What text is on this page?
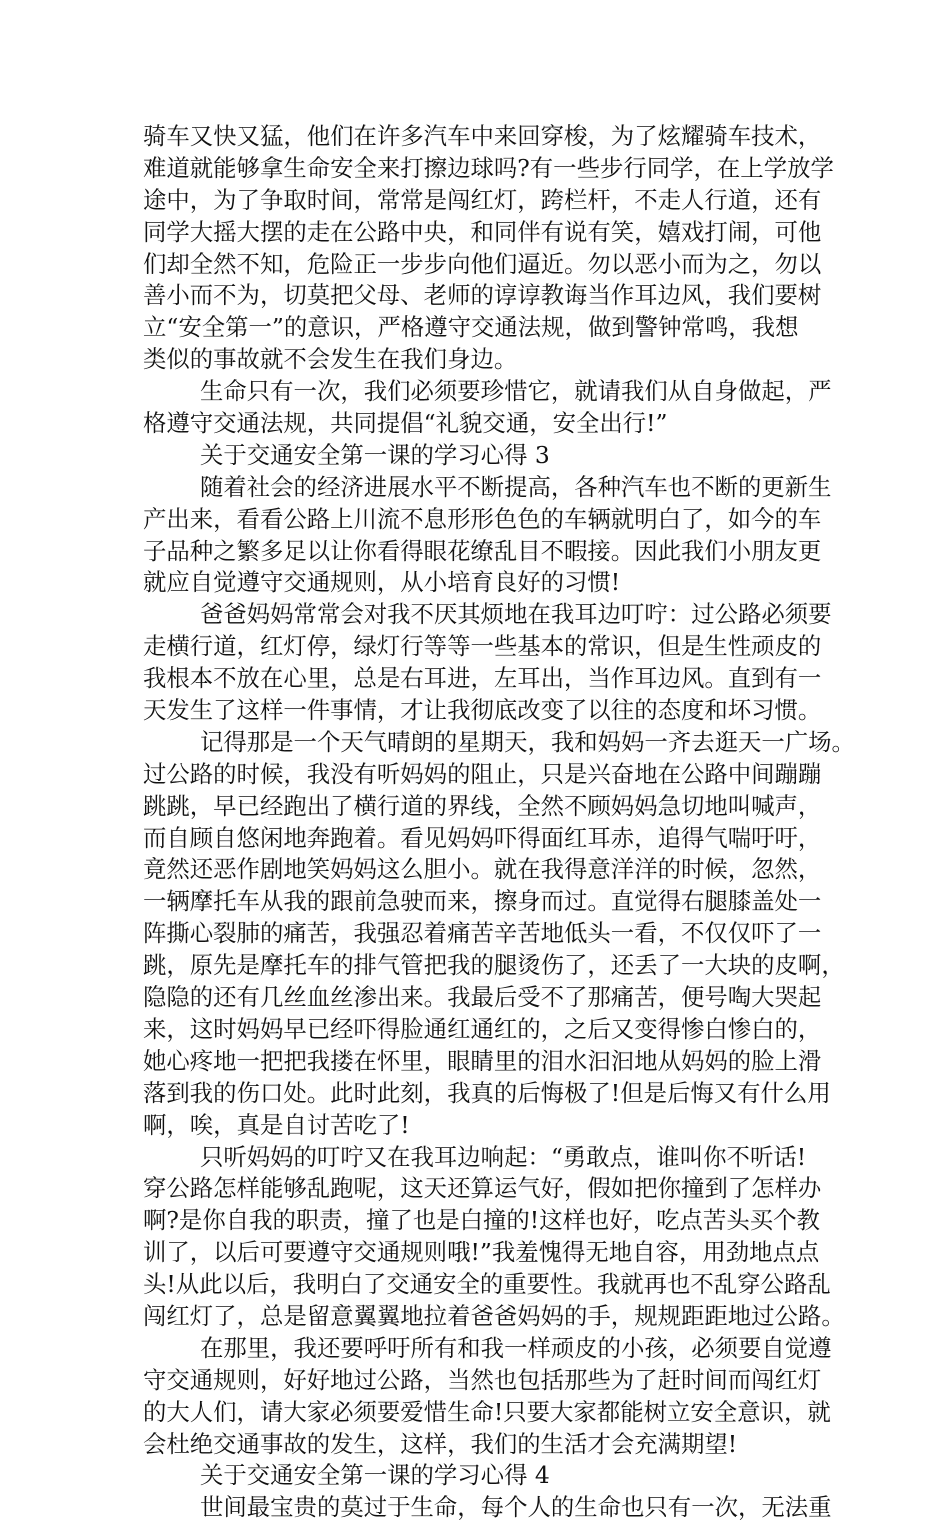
骑车又快又猛，他们在许多汽车中来回穿梭，为了炫耀骑车技术，
难道就能够拿生命安全来打擦边球吗?有一些步行同学，在上学放学
途中，为了争取时间，常常是闯红灯，跨栏杆，不走人行道，还有
同学大摇大摆的走在公路中央，和同伴有说有笑，嬉戏打闹，可他
们却全然不知，危险正一步步向他们逼近。勿以恶小而为之，勿以
善小而不为，切莫把父母、老师的谆谆教诲当作耳边风，我们要树
立“安全第一”的意识，严格遵守交通法规，做到警钟常鸣，我想
类似的事故就不会发生在我们身边。
生命只有一次，我们必须要珍惜它，就请我们从自身做起，严
格遵守交通法规，共同提倡“礼貌交通，安全出行!”
关于交通安全第一课的学习心得 3
随着社会的经济进展水平不断提高，各种汽车也不断的更新生
产出来，看看公路上川流不息形形色色的车辆就明白了，如今的车
子品种之繁多足以让你看得眼花缭乱目不暇接。因此我们小朋友更
就应自觉遵守交通规则，从小培育良好的习惯!
爸爸妈妈常常会对我不厌其烦地在我耳边叮咛：过公路必须要
走横行道，红灯停，绿灯行等等一些基本的常识，但是生性顽皮的
我根本不放在心里，总是右耳进，左耳出，当作耳边风。直到有一
天发生了这样一件事情，才让我彻底改变了以往的态度和坏习惯。
记得那是一个天气晴朗的星期天，我和妈妈一齐去逛天一广场。
过公路的时候，我没有听妈妈的阻止，只是兴奋地在公路中间蹦蹦
跳跳，早已经跑出了横行道的界线，全然不顾妈妈急切地叫喊声，
而自顾自悠闲地奔跑着。看见妈妈吓得面红耳赤，追得气喘吁吁，
竟然还恶作剧地笑妈妈这么胆小。就在我得意洋洋的时候，忽然，
一辆摩托车从我的跟前急驶而来，擦身而过。直觉得右腿膝盖处一
阵撕心裂肺的痛苦，我强忍着痛苦辛苦地低头一看，不仅仅吓了一
跳，原先是摩托车的排气管把我的腿烫伤了，还丢了一大块的皮啊，
隐隐的还有几丝血丝渗出来。我最后受不了那痛苦，便号啕大哭起
来，这时妈妈早已经吓得脸通红通红的，之后又变得惨白惨白的，
她心疼地一把把我搂在怀里，眼睛里的泪水汩汩地从妈妈的脸上滑
落到我的伤口处。此时此刻，我真的后悔极了!但是后悔又有什么用
啊，唉，真是自讨苦吃了!
只听妈妈的叮咛又在我耳边响起：“勇敢点，谁叫你不听话!
穿公路怎样能够乱跑呢，这天还算运气好，假如把你撞到了怎样办
啊?是你自我的职责，撞了也是白撞的!这样也好，吃点苦头买个教
训了，以后可要遵守交通规则哦!”我羞愧得无地自容，用劲地点点
头!从此以后，我明白了交通安全的重要性。我就再也不乱穿公路乱
闯红灯了，总是留意翼翼地拉着爸爸妈妈的手，规规距距地过公路。
在那里，我还要呼吁所有和我一样顽皮的小孩，必须要自觉遵
守交通规则，好好地过公路，当然也包括那些为了赶时间而闯红灯
的大人们，请大家必须要爱惜生命!只要大家都能树立安全意识，就
会杜绝交通事故的发生，这样，我们的生活才会充满期望!
关于交通安全第一课的学习心得 4
世间最宝贵的莫过于生命，每个人的生命也只有一次，无法重
